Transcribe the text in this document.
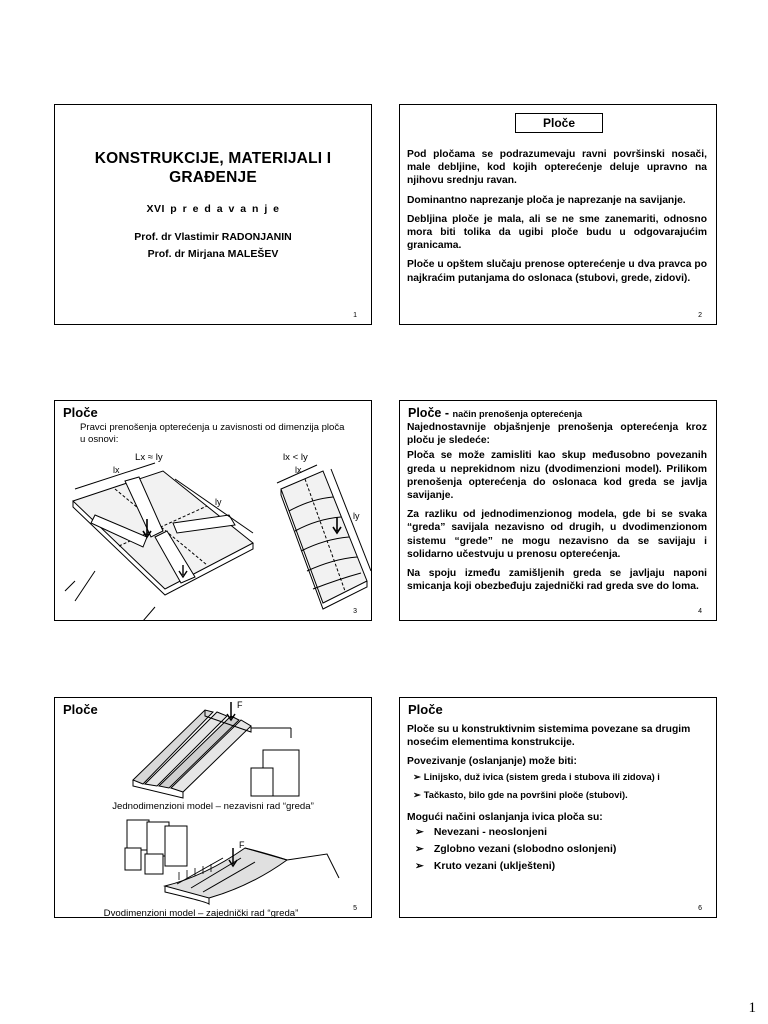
KONSTRUKCIJE, MATERIJALI I
GRAĐENJE
XVI p r e d a v a n j e
Prof. dr Vlastimir RADONJANIN
Prof. dr Mirjana MALEŠEV
1
Ploče

Pod pločama se podrazumevaju ravni površinski nosači, male debljine, kod kojih opterećenje deluje upravno na njihovu srednju ravan.

Dominantno naprezanje ploča je naprezanje na savijanje.

Debljina ploče je mala, ali se ne sme zanemariti, odnosno mora biti tolika da ugibi ploče budu u odgovarajućim granicama.

Ploče u opštem slučaju prenose opterećenje u dva pravca po najkraćim putanjama do oslonaca (stubovi, grede, zidovi).

2
Ploče
Pravci prenošenja opterećenja u zavisnosti od dimenzija ploča u osnovi:
Lx ≈ ly	lx < ly
lx
ly
lx
ly
3
Ploče - način prenošenja opterećenja

Najednostavnije objašnjenje prenošenja opterećenja kroz ploču je sledeće:

Ploča se može zamisliti kao skup međusobno povezanih greda u neprekidnom nizu (dvodimenzioni model). Prilikom prenošenja opterećenja do oslonaca kod greda se javlja savijanje.

Za razliku od jednodimenzionog modela, gde bi se svaka “greda” savijala nezavisno od drugih, u dvodimenzionom sistemu “grede” ne mogu nezavisno da se savijaju i solidarno učestvuju u prenosu opterećenja.

Na spoju između zamišljenih greda se javljaju naponi smicanja koji obezbeđuju zajednički rad greda sve do loma.

4
Ploče	F
F
Jednodimenzioni model – nezavisni rad “greda”
Dvodimenzioni model – zajednički rad “greda”	5
Ploče

Ploče su u konstruktivnim sistemima povezane sa drugim nosećim elementima konstrukcije.

Povezivanje (oslanjanje) može biti:

➢ Linijsko, duž ivica (sistem greda i stubova ili zidova) i
➢ Tačkasto, bilo gde na površini ploče (stubovi).

Mogući načini oslanjanja ivica ploča su:

➢ Nevezani - neoslonjeni
➢ Zglobno vezani (slobodno oslonjeni)
➢ Kruto vezani (uklješteni)
6
1
